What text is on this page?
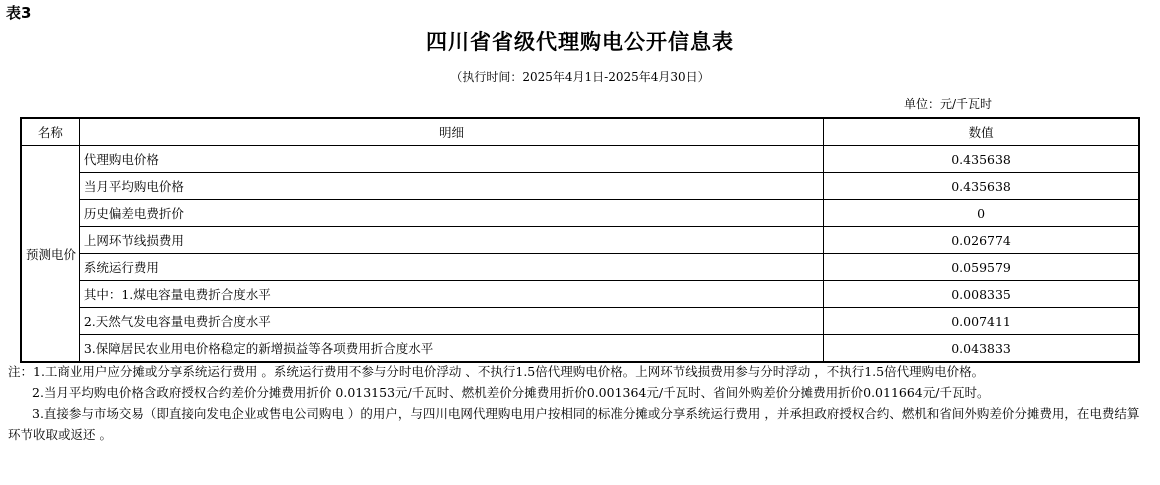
表3
四川省省级代理购电公开信息表
（执行时间：2025年4月1日-2025年4月30日）
单位：元/千瓦时
名称	明细	数值
预测电价	代理购电价格	0.435638
	当月平均购电价格	0.435638
	历史偏差电费折价	0
	上网环节线损费用	0.026774
	系统运行费用	0.059579
	其中：1.煤电容量电费折合度水平	0.008335
	2.天然气发电容量电费折合度水平	0.007411
	3.保障居民农业用电价格稳定的新增损益等各项费用折合度水平	0.043833

注：1.工商业用户应分摊或分享系统运行费用 。系统运行费用不参与分时电价浮动 、不执行1.5倍代理购电价格。上网环节线损费用参与分时浮动 ，不执行1.5倍代理购电价格。

2.当月平均购电价格含政府授权合约差价分摊费用折价 0.013153元/千瓦时、燃机差价分摊费用折价0.001364元/千瓦时、省间外购差价分摊费用折价0.011664元/千瓦时。

3.直接参与市场交易（即直接向发电企业或售电公司购电 ）的用户，与四川电网代理购电用户按相同的标准分摊或分享系统运行费用 ，并承担政府授权合约、燃机和省间外购差价分摊费用，在电费结算环节收取或返还 。
